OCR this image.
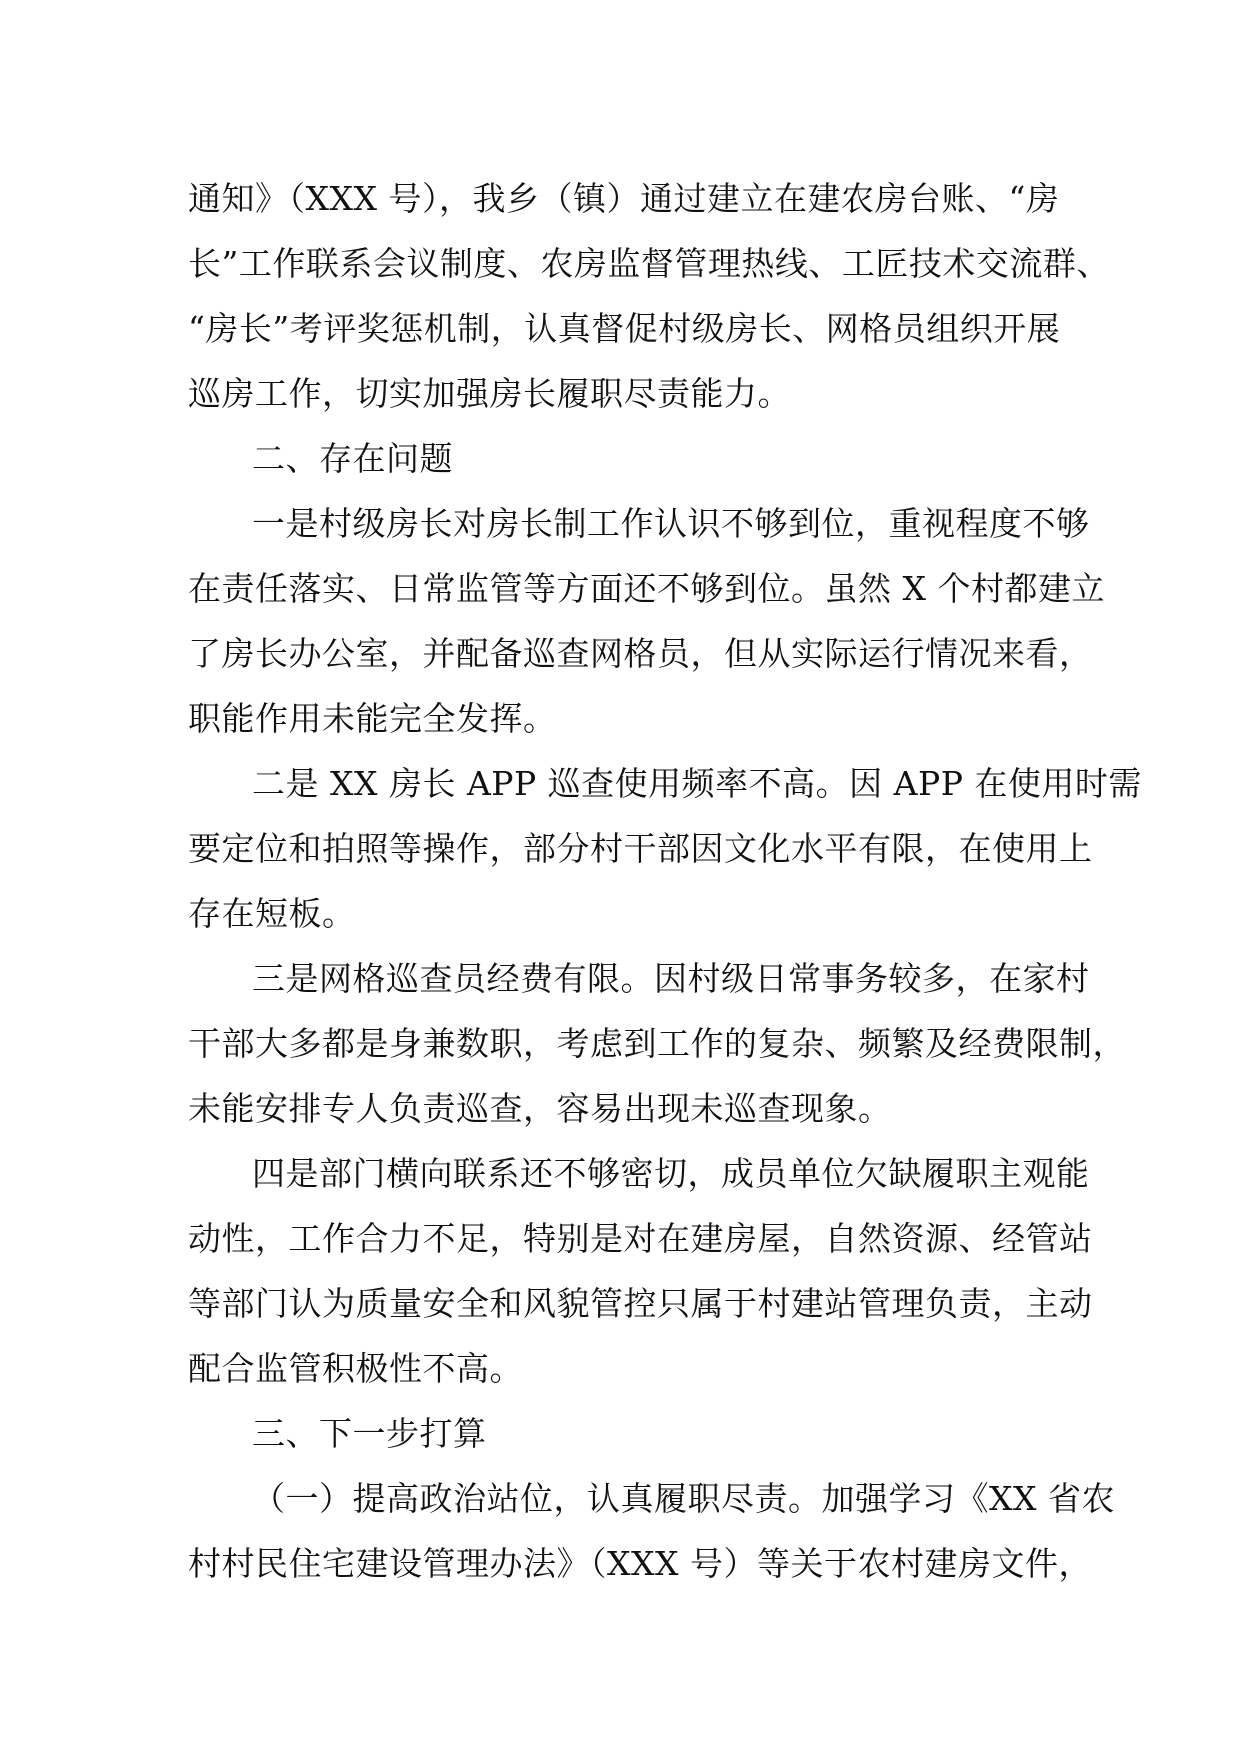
通知》（XXX 号），我乡（镇）通过建立在建农房台账、“房
长”工作联系会议制度、农房监督管理热线、工匠技术交流群、
“房长”考评奖惩机制，认真督促村级房长、网格员组织开展
巡房工作，切实加强房长履职尽责能力。
二、存在问题
一是村级房长对房长制工作认识不够到位，重视程度不够
在责任落实、日常监管等方面还不够到位。虽然 X 个村都建立
了房长办公室，并配备巡查网格员，但从实际运行情况来看，
职能作用未能完全发挥。
二是 XX 房长 APP 巡查使用频率不高。因 APP 在使用时需
要定位和拍照等操作，部分村干部因文化水平有限，在使用上
存在短板。
三是网格巡查员经费有限。因村级日常事务较多，在家村
干部大多都是身兼数职，考虑到工作的复杂、频繁及经费限制，
未能安排专人负责巡查，容易出现未巡查现象。
四是部门横向联系还不够密切，成员单位欠缺履职主观能
动性，工作合力不足，特别是对在建房屋，自然资源、经管站
等部门认为质量安全和风貌管控只属于村建站管理负责，主动
配合监管积极性不高。
三、下一步打算
（一）提高政治站位，认真履职尽责。加强学习《XX 省农
村村民住宅建设管理办法》（XXX 号）等关于农村建房文件，
